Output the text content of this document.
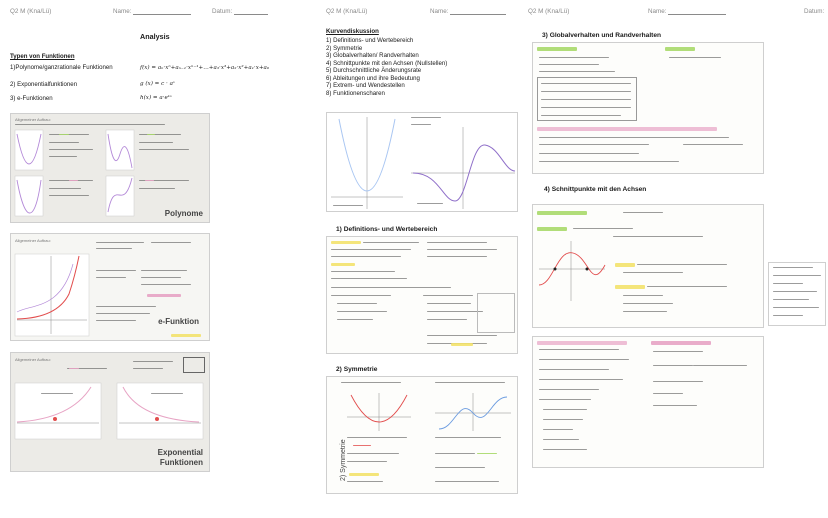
Q2 M (Kna/Lü)	Name:	Datum:
Analysis
Typen von Funktionen
1)Polynome/ganzrationale Funktionen	f(x) = aₙ·xⁿ+aₙ₋₁·xⁿ⁻¹+…+a₃·x³+a₂·x²+a₁·x+a₀
2) Exponentialfunktionen	g (x) = c · aˣ
3) e-Funktionen	h(x) = a·eᵏˣ
Allgemeiner Aufbau:
Polynome
Allgemeiner Aufbau:
e-Funktion
Allgemeiner Aufbau:
Exponential
Funktionen
Q2 M (Kna/Lü)	Name:
Kurvendiskussion
1) Definitions- und Wertebereich
2) Symmetrie
3) Globalverhalten/ Randverhalten
4) Schnittpunkte mit den Achsen (Nullstellen)
5) Durchschnittliche Änderungsrate
6) Ableitungen und ihre Bedeutung
7) Extrem- und Wendestellen
8) Funktionenscharen
1) Definitions- und Wertebereich
2) Symmetrie
2) Symmetrie
Q2 M (Kna/Lü)	Name:	Datum:
3) Globalverhalten und Randverhalten
4) Schnittpunkte mit den Achsen
